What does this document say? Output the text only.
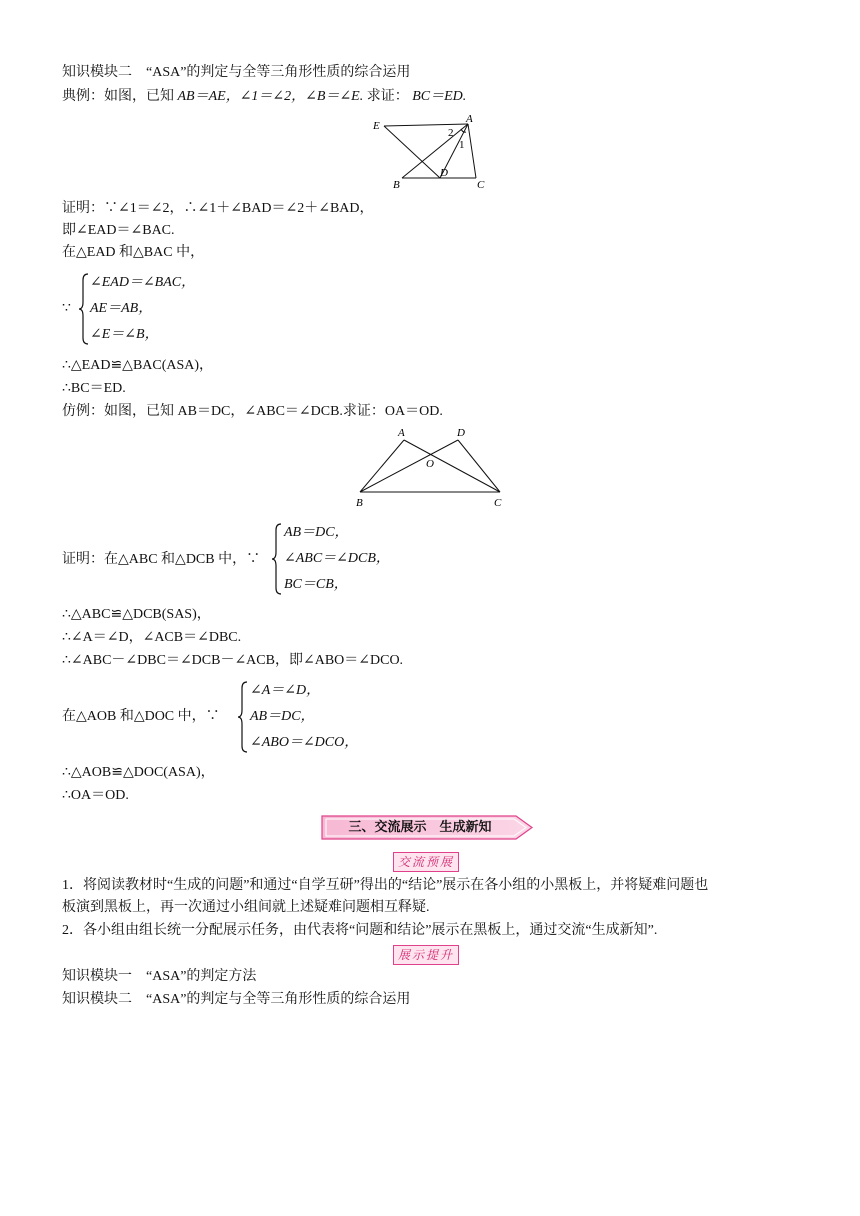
知识模块二　“ASA”的判定与全等三角形性质的综合运用
典例：如图，已知 AB＝AE，∠1＝∠2，∠B＝∠E. 求证： BC＝ED.
E
A
2
1
B
D
C
证明：∵∠1＝∠2，∴∠1＋∠BAD＝∠2＋∠BAD，
即∠EAD＝∠BAC.
在△EAD 和△BAC 中，
∵
∠EAD＝∠BAC，
AE＝AB，
∠E＝∠B，
∴△EAD≌△BAC(ASA)，
∴BC＝ED.
仿例：如图，已知 AB＝DC，∠ABC＝∠DCB.求证：OA＝OD.
A	D
O
B	C
证明：在△ABC 和△DCB 中，∵
AB＝DC，
∠ABC＝∠DCB，
BC＝CB，
∴△ABC≌△DCB(SAS)，
∴∠A＝∠D，∠ACB＝∠DBC.
∴∠ABC－∠DBC＝∠DCB－∠ACB，即∠ABO＝∠DCO.
在△AOB 和△DOC 中，∵
∠A＝∠D，
AB＝DC，
∠ABO＝∠DCO，
∴△AOB≌△DOC(ASA)，
∴OA＝OD.
三、交流展示　生成新知
交流预展
1．将阅读教材时“生成的问题”和通过“自学互研”得出的“结论”展示在各小组的小黑板上，并将疑难问题也
板演到黑板上，再一次通过小组间就上述疑难问题相互释疑.
2．各小组由组长统一分配展示任务，由代表将“问题和结论”展示在黑板上，通过交流“生成新知”.
展示提升
知识模块一　“ASA”的判定方法
知识模块二　“ASA”的判定与全等三角形性质的综合运用
